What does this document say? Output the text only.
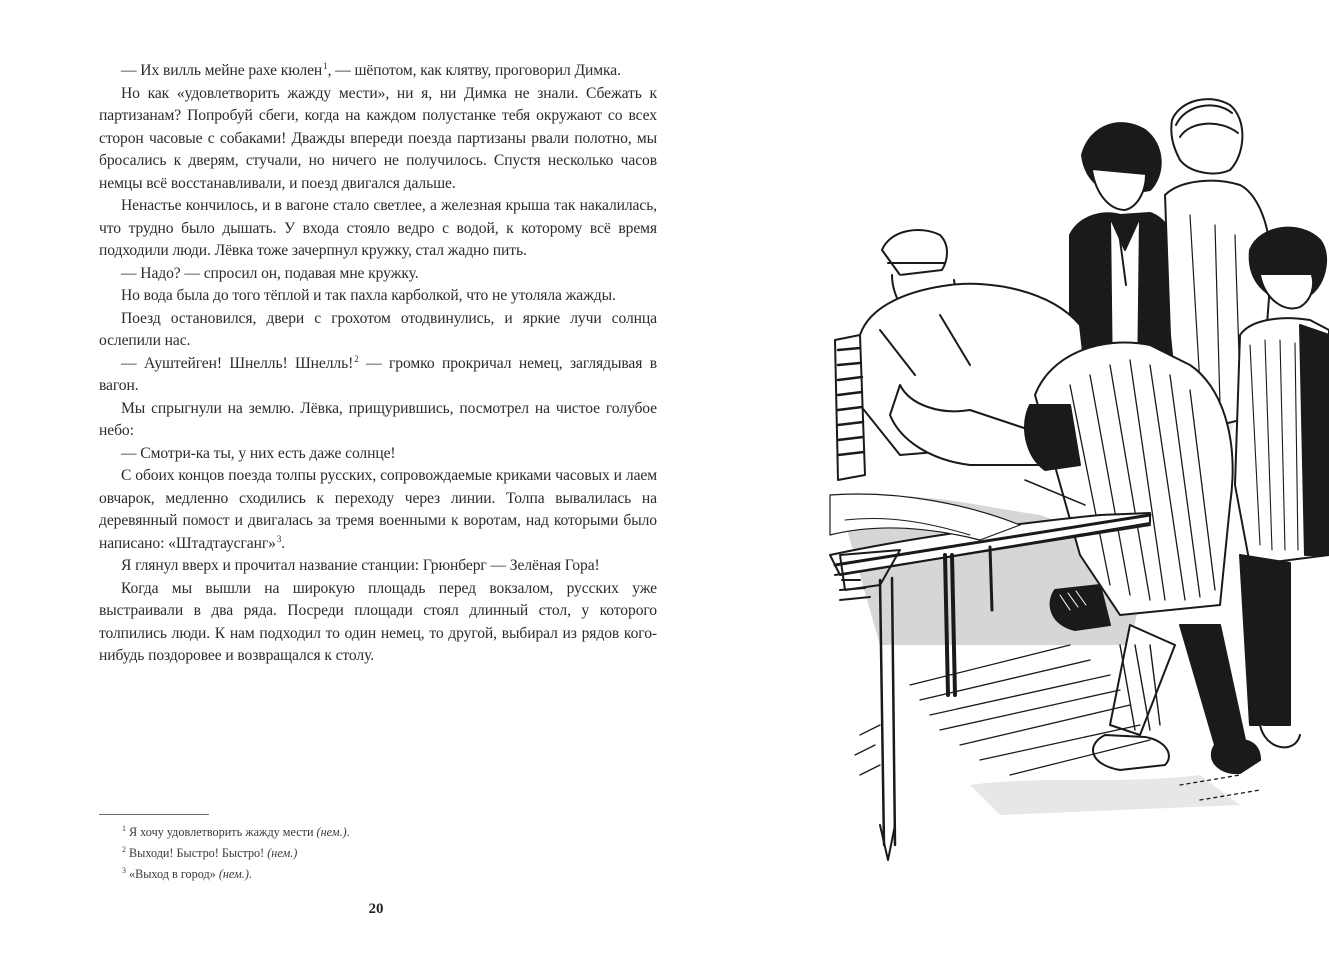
— Их вилль мейне рахе кюлен$^1$, — шёпотом, как клятву, проговорил Димка.

Но как «удовлетворить жажду мести», ни я, ни Димка не знали. Сбежать к партизанам? Попробуй сбеги, когда на каждом полустанке тебя окружают со всех сторон часовые с собаками! Дважды впереди поезда партизаны рвали полотно, мы бросались к дверям, стучали, но ничего не получилось. Спустя несколько часов немцы всё восстанавливали, и поезд двигался дальше.

Ненастье кончилось, и в вагоне стало светлее, а железная крыша так накалилась, что трудно было дышать. У входа стояло ведро с водой, к которому всё время подходили люди. Лёвка тоже зачерпнул кружку, стал жадно пить.

— Надо? — спросил он, подавая мне кружку.

Но вода была до того тёплой и так пахла карболкой, что не утоляла жажды.

Поезд остановился, двери с грохотом отодвинулись, и яркие лучи солнца ослепили нас.

— Ауштейген! Шнелль! Шнелль!$^2$ — громко прокричал немец, заглядывая в вагон.

Мы спрыгнули на землю. Лёвка, прищурившись, посмотрел на чистое голубое небо:

— Смотри-ка ты, у них есть даже солнце!

С обоих концов поезда толпы русских, сопровождаемые криками часовых и лаем овчарок, медленно сходились к переходу через линии. Толпа вывалилась на деревянный помост и двигалась за тремя военными к воротам, над которыми было написано: «Штадтаусганг»$^3$.

Я глянул вверх и прочитал название станции: Грюнберг — Зелёная Гора!

Когда мы вышли на широкую площадь перед вокзалом, русских уже выстраивали в два ряда. Посреди площади стоял длинный стол, у которого толпились люди. К нам подходил то один немец, то другой, выбирал из рядов кого-нибудь поздоровее и возвращался к столу.

$^1$ Я хочу удовлетворить жажду мести (нем.).
$^2$ Выходи! Быстро! Быстро! (нем.)
$^3$ «Выход в город» (нем.).
20
